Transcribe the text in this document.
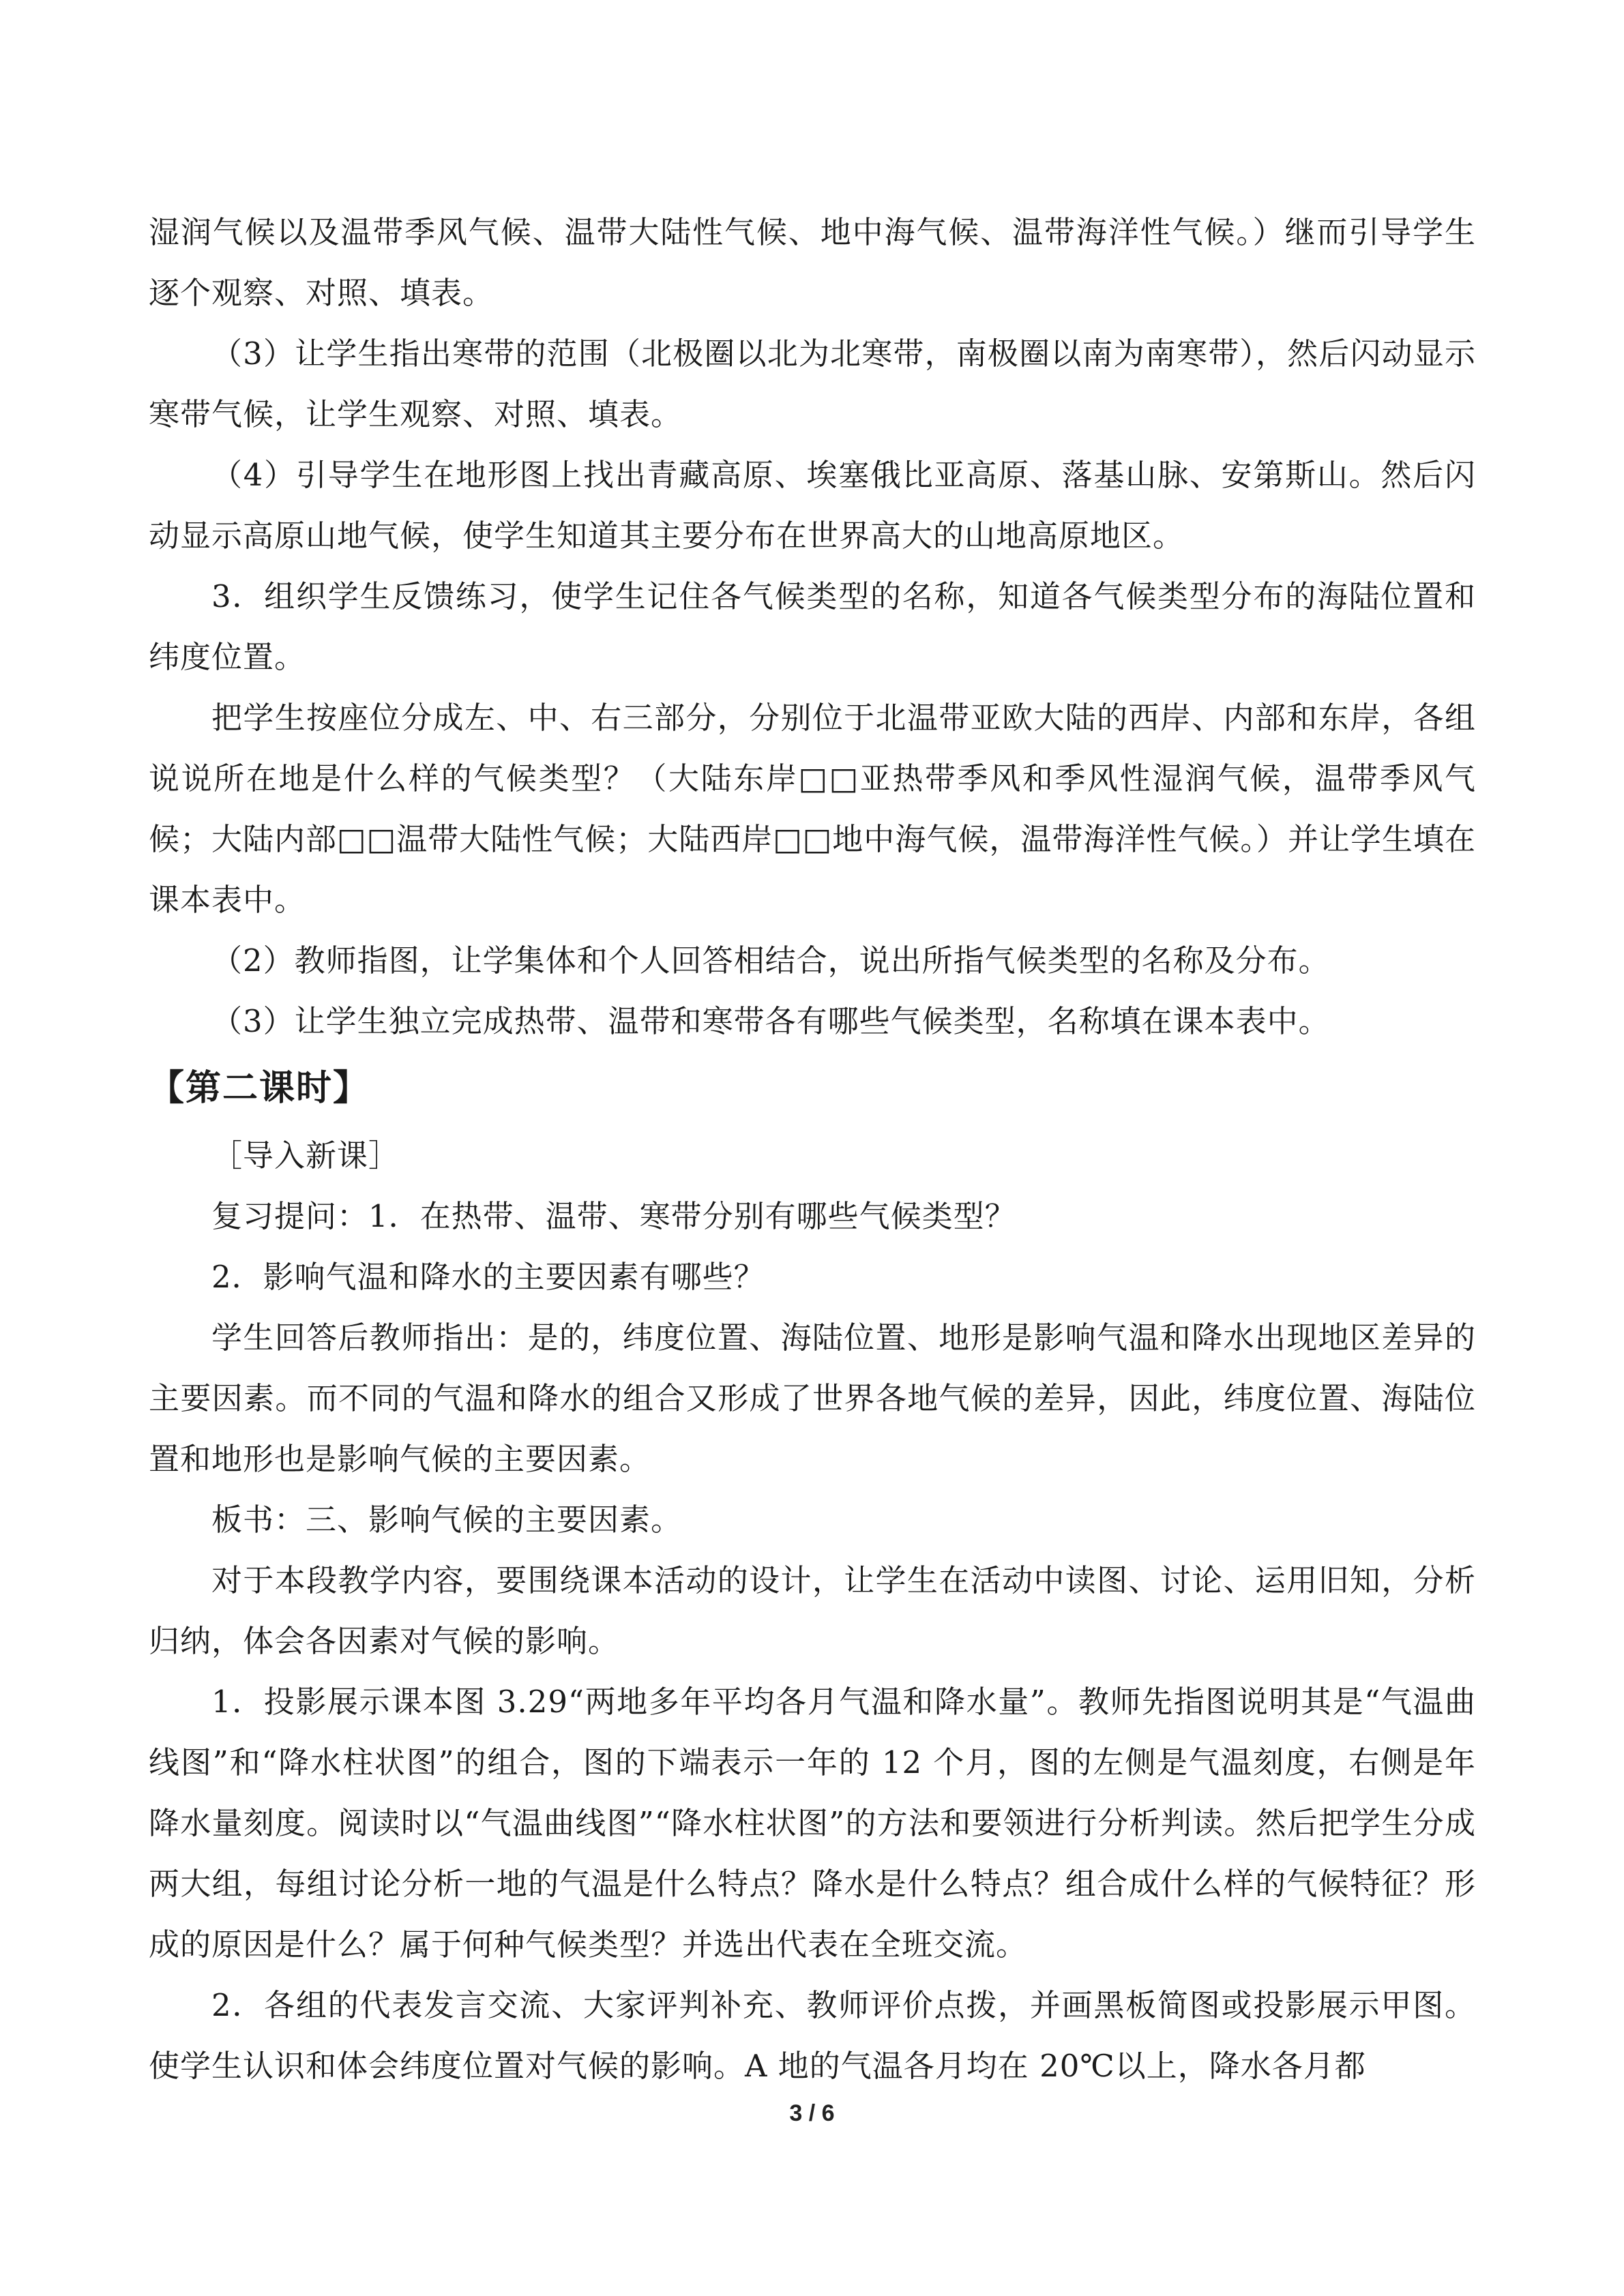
湿润气候以及温带季风气候、温带大陆性气候、地中海气候、温带海洋性气候。）继而引导学生逐个观察、对照、填表。

（3）让学生指出寒带的范围（北极圈以北为北寒带，南极圈以南为南寒带），然后闪动显示寒带气候，让学生观察、对照、填表。

（4）引导学生在地形图上找出青藏高原、埃塞俄比亚高原、落基山脉、安第斯山。然后闪动显示高原山地气候，使学生知道其主要分布在世界高大的山地高原地区。

3．组织学生反馈练习，使学生记住各气候类型的名称，知道各气候类型分布的海陆位置和纬度位置。

把学生按座位分成左、中、右三部分，分别位于北温带亚欧大陆的西岸、内部和东岸，各组说说所在地是什么样的气候类型？（大陆东岸□□亚热带季风和季风性湿润气候，温带季风气候；大陆内部□□温带大陆性气候；大陆西岸□□地中海气候，温带海洋性气候。）并让学生填在课本表中。

（2）教师指图，让学集体和个人回答相结合，说出所指气候类型的名称及分布。

（3）让学生独立完成热带、温带和寒带各有哪些气候类型，名称填在课本表中。

【第二课时】

［导入新课］

复习提问：1．在热带、温带、寒带分别有哪些气候类型？

2．影响气温和降水的主要因素有哪些？

学生回答后教师指出：是的，纬度位置、海陆位置、地形是影响气温和降水出现地区差异的主要因素。而不同的气温和降水的组合又形成了世界各地气候的差异，因此，纬度位置、海陆位置和地形也是影响气候的主要因素。

板书：三、影响气候的主要因素。

对于本段教学内容，要围绕课本活动的设计，让学生在活动中读图、讨论、运用旧知，分析归纳，体会各因素对气候的影响。

1．投影展示课本图 3.29“两地多年平均各月气温和降水量”。教师先指图说明其是“气温曲线图”和“降水柱状图”的组合，图的下端表示一年的 12 个月，图的左侧是气温刻度，右侧是年降水量刻度。阅读时以“气温曲线图”“降水柱状图”的方法和要领进行分析判读。然后把学生分成两大组，每组讨论分析一地的气温是什么特点？降水是什么特点？组合成什么样的气候特征？形成的原因是什么？属于何种气候类型？并选出代表在全班交流。

2．各组的代表发言交流、大家评判补充、教师评价点拨，并画黑板简图或投影展示甲图。使学生认识和体会纬度位置对气候的影响。A 地的气温各月均在 20℃以上，降水各月都

3 / 6
